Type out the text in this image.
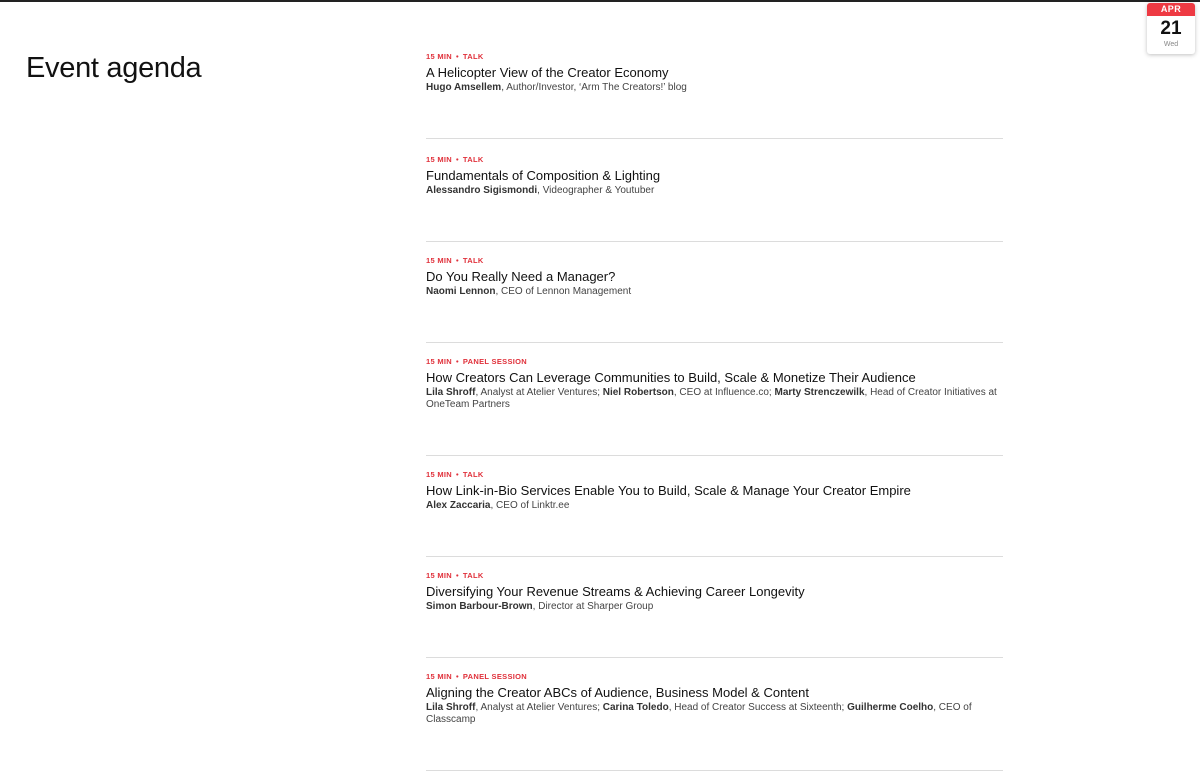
Event agenda
APR
21
Wed
15 MIN • TALK
A Helicopter View of the Creator Economy
Hugo Amsellem, Author/Investor, ‘Arm The Creators!’ blog
15 MIN • TALK
Fundamentals of Composition & Lighting
Alessandro Sigismondi, Videographer & Youtuber
15 MIN • TALK
Do You Really Need a Manager?
Naomi Lennon, CEO of Lennon Management
15 MIN • PANEL SESSION
How Creators Can Leverage Communities to Build, Scale & Monetize Their Audience
Lila Shroff, Analyst at Atelier Ventures; Niel Robertson, CEO at Influence.co; Marty Strenczewilk, Head of Creator Initiatives at OneTeam Partners
15 MIN • TALK
How Link-in-Bio Services Enable You to Build, Scale & Manage Your Creator Empire
Alex Zaccaria, CEO of Linktr.ee
15 MIN • TALK
Diversifying Your Revenue Streams & Achieving Career Longevity
Simon Barbour-Brown, Director at Sharper Group
15 MIN • PANEL SESSION
Aligning the Creator ABCs of Audience, Business Model & Content
Lila Shroff, Analyst at Atelier Ventures; Carina Toledo, Head of Creator Success at Sixteenth; Guilherme Coelho, CEO of Classcamp
